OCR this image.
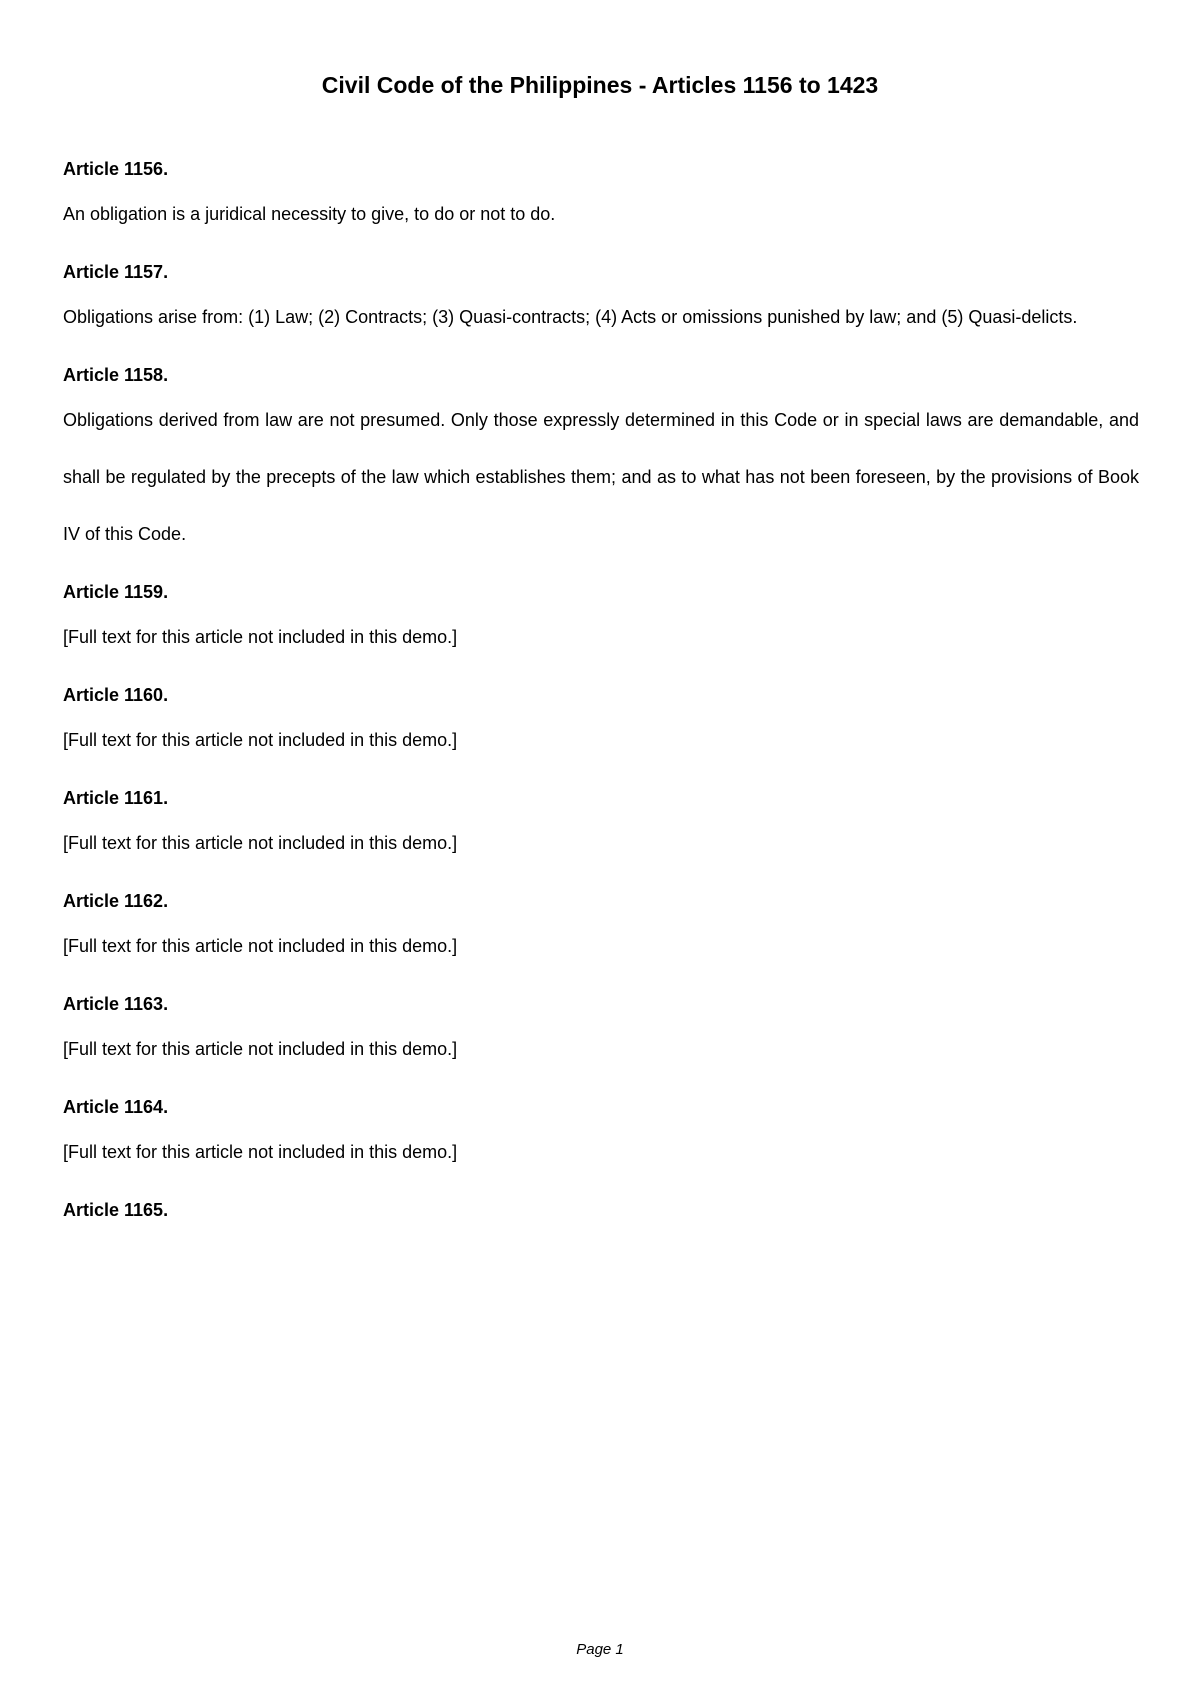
Civil Code of the Philippines - Articles 1156 to 1423

Article 1156.

An obligation is a juridical necessity to give, to do or not to do.

Article 1157.

Obligations arise from: (1) Law; (2) Contracts; (3) Quasi-contracts; (4) Acts or omissions punished by law; and (5) Quasi-delicts.

Article 1158.

Obligations derived from law are not presumed. Only those expressly determined in this Code or in special laws are demandable, and shall be regulated by the precepts of the law which establishes them; and as to what has not been foreseen, by the provisions of Book IV of this Code.

Article 1159.

[Full text for this article not included in this demo.]

Article 1160.

[Full text for this article not included in this demo.]

Article 1161.

[Full text for this article not included in this demo.]

Article 1162.

[Full text for this article not included in this demo.]

Article 1163.

[Full text for this article not included in this demo.]

Article 1164.

[Full text for this article not included in this demo.]

Article 1165.

Page 1
